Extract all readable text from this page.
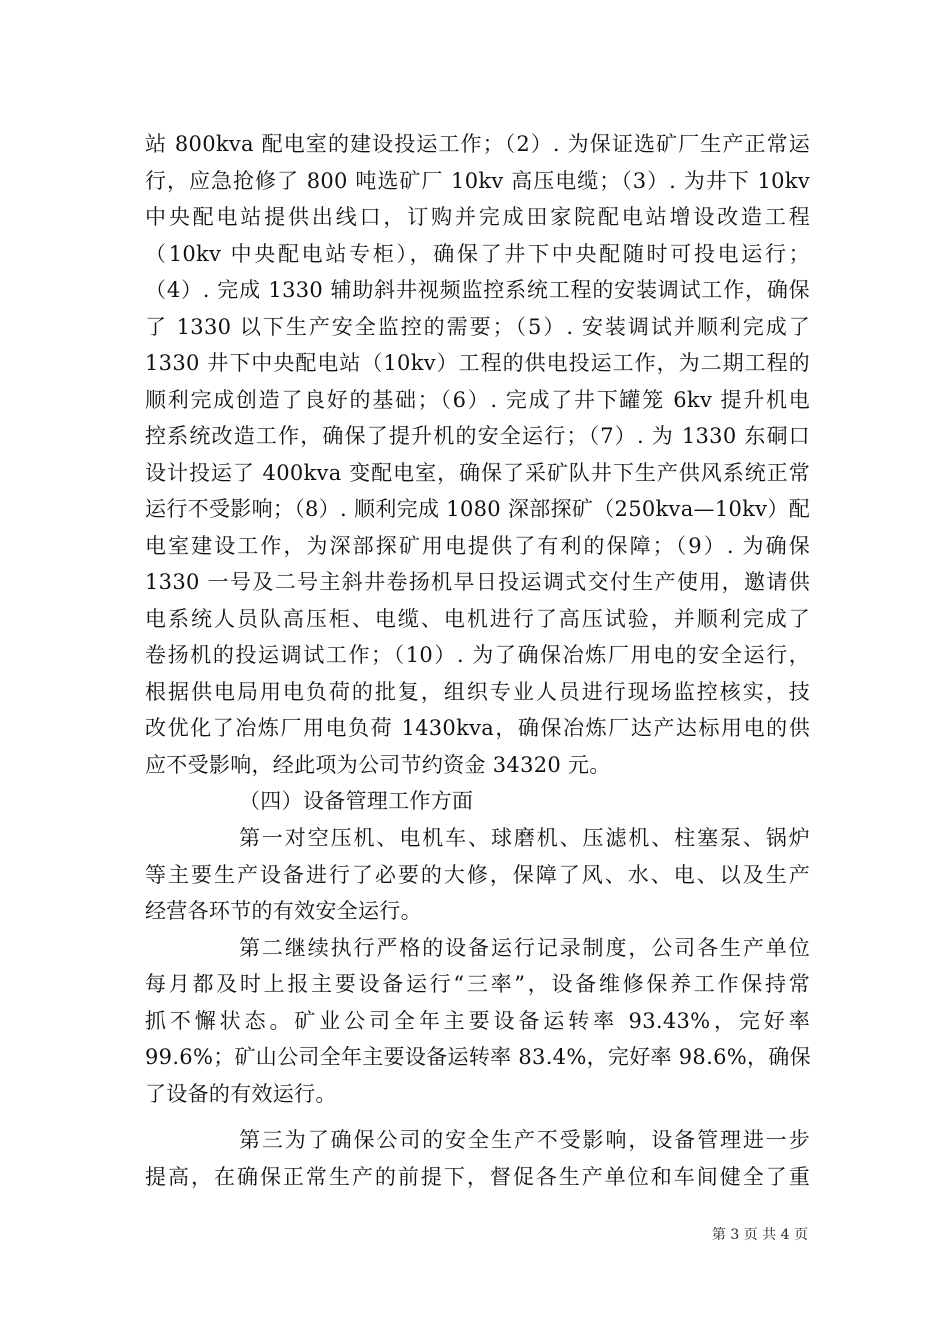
站 800kva 配电室的建设投运工作；（2）. 为保证选矿厂生产正常运
行，应急抢修了 800 吨选矿厂 10kv 高压电缆；（3）. 为井下 10kv
中央配电站提供出线口，订购并完成田家院配电站增设改造工程
（10kv 中央配电站专柜），确保了井下中央配随时可投电运行；
（4）. 完成 1330 辅助斜井视频监控系统工程的安装调试工作，确保
了 1330 以下生产安全监控的需要；（5）. 安装调试并顺利完成了
1330 井下中央配电站（10kv）工程的供电投运工作，为二期工程的
顺利完成创造了良好的基础；（6）. 完成了井下罐笼 6kv 提升机电
控系统改造工作，确保了提升机的安全运行；（7）. 为 1330 东硐口
设计投运了 400kva 变配电室，确保了采矿队井下生产供风系统正常
运行不受影响；（8）. 顺利完成 1080 深部探矿（250kva—10kv）配
电室建设工作，为深部探矿用电提供了有利的保障；（9）. 为确保
1330 一号及二号主斜井卷扬机早日投运调式交付生产使用，邀请供
电系统人员队高压柜、电缆、电机进行了高压试验，并顺利完成了
卷扬机的投运调试工作；（10）. 为了确保冶炼厂用电的安全运行，
根据供电局用电负荷的批复，组织专业人员进行现场监控核实，技
改优化了冶炼厂用电负荷 1430kva，确保冶炼厂达产达标用电的供
应不受影响，经此项为公司节约资金 34320 元。
（四）设备管理工作方面
第一对空压机、电机车、球磨机、压滤机、柱塞泵、锅炉
等主要生产设备进行了必要的大修，保障了风、水、电、以及生产
经营各环节的有效安全运行。
第二继续执行严格的设备运行记录制度，公司各生产单位
每月都及时上报主要设备运行“三率”，设备维修保养工作保持常
抓不懈状态。矿业公司全年主要设备运转率 93.43%，完好率
99.6%；矿山公司全年主要设备运转率 83.4%，完好率 98.6%，确保
了设备的有效运行。
第三为了确保公司的安全生产不受影响，设备管理进一步
提高，在确保正常生产的前提下，督促各生产单位和车间健全了重
第 3 页 共 4 页
